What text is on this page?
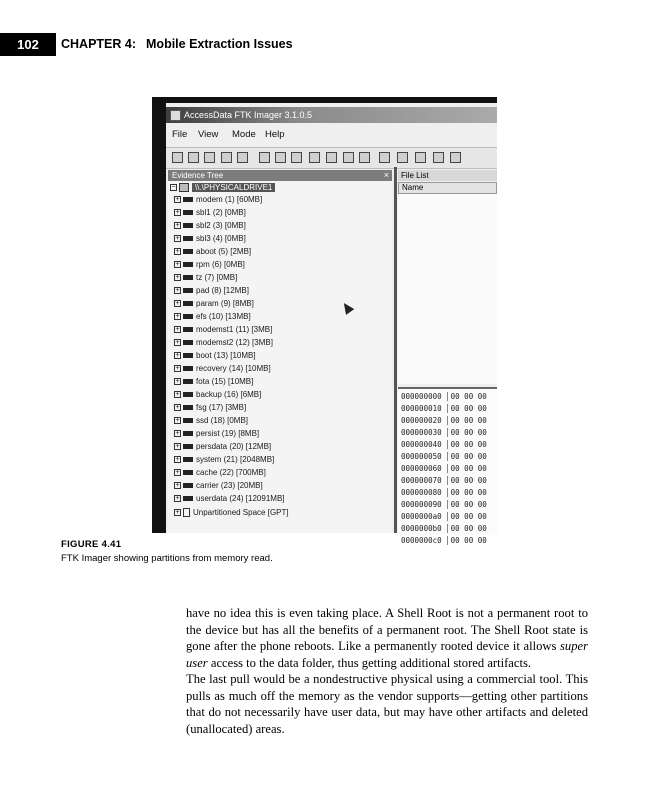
102	CHAPTER 4: Mobile Extraction Issues
AccessData FTK Imager 3.1.0.5
File View Mode Help
Evidence Tree	×
− \\.\PHYSICALDRIVE1
+ modem (1) [60MB]
+ sbl1 (2) [0MB]
+ sbl2 (3) [0MB]
+ sbl3 (4) [0MB]
+ aboot (5) [2MB]
+ rpm (6) [0MB]
+ tz (7) [0MB]
+ pad (8) [12MB]
+ param (9) [8MB]
+ efs (10) [13MB]
+ modemst1 (11) [3MB]
+ modemst2 (12) [3MB]
+ boot (13) [10MB]
+ recovery (14) [10MB]
+ fota (15) [10MB]
+ backup (16) [6MB]
+ fsg (17) [3MB]
+ ssd (18) [0MB]
+ persist (19) [8MB]
+ persdata (20) [12MB]
+ system (21) [2048MB]
+ cache (22) [700MB]
+ carrier (23) [20MB]
+ userdata (24) [12091MB]
+ Unpartitioned Space [GPT]
File List
Name
000000000 00 00 00
000000010 00 00 00
000000020 00 00 00
000000030 00 00 00
000000040 00 00 00
000000050 00 00 00
000000060 00 00 00
000000070 00 00 00
000000080 00 00 00
000000090 00 00 00
0000000a0 00 00 00
0000000b0 00 00 00
0000000c0 00 00 00
FIGURE 4.41
FTK Imager showing partitions from memory read.

have no idea this is even taking place. A Shell Root is not a permanent root to the device but has all the benefits of a permanent root. The Shell Root state is gone after the phone reboots. Like a permanently rooted device it allows super user access to the data folder, thus getting additional stored artifacts.

The last pull would be a nondestructive physical using a commercial tool. This pulls as much off the memory as the vendor supports—getting other partitions that do not necessarily have user data, but may have other artifacts and deleted (unallocated) areas.
